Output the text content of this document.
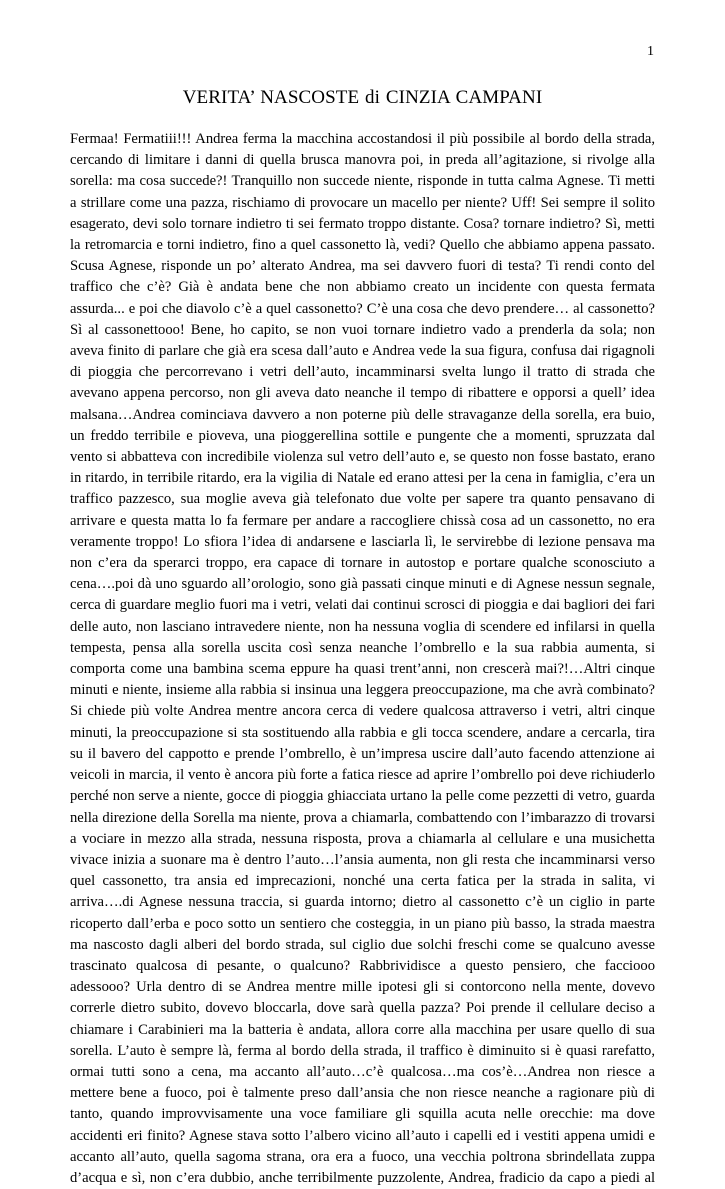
1
VERITA’ NASCOSTE di CINZIA CAMPANI
Fermaa! Fermatiii!!! Andrea ferma la macchina accostandosi il più possibile al bordo della strada,
cercando di limitare i danni di quella brusca manovra poi, in preda all’agitazione, si rivolge alla
sorella: ma cosa succede?! Tranquillo non succede niente, risponde in tutta calma Agnese. Ti metti
a strillare come una pazza, rischiamo di provocare un macello per niente? Uff! Sei sempre il solito
esagerato, devi solo tornare indietro ti sei fermato troppo distante. Cosa? tornare indietro? Sì, metti
la retromarcia e torni indietro, fino a quel cassonetto là, vedi? Quello che abbiamo appena passato.
Scusa Agnese, risponde un po’ alterato Andrea, ma sei davvero fuori di testa? Ti rendi conto del
traffico che c’è? Già è andata bene che non abbiamo creato un incidente con questa fermata
assurda... e poi che diavolo c’è a quel cassonetto? C’è una cosa che devo prendere… al cassonetto?
Sì al cassonettooo! Bene, ho capito, se non vuoi tornare indietro vado a prenderla da sola; non
aveva finito di parlare che già era scesa dall’auto e Andrea vede la sua figura, confusa dai rigagnoli
di pioggia che percorrevano i vetri dell’auto, incamminarsi svelta lungo il tratto di strada che
avevano appena percorso, non gli aveva dato neanche il tempo di ribattere e opporsi a quell’ idea
malsana…Andrea cominciava davvero a non poterne più delle stravaganze della sorella, era buio,
un freddo terribile e pioveva, una pioggerellina sottile e pungente che a momenti, spruzzata dal
vento si abbatteva con incredibile violenza sul vetro dell’auto e, se questo non fosse bastato, erano
in ritardo, in terribile ritardo, era la vigilia di Natale ed erano attesi per la cena in famiglia, c’era un
traffico pazzesco, sua moglie aveva già telefonato due volte per sapere tra quanto pensavano di
arrivare e questa matta lo fa fermare per andare a raccogliere chissà cosa ad un cassonetto, no era
veramente troppo! Lo sfiora l’idea di andarsene e lasciarla lì, le servirebbe di lezione pensava ma
non c’era da sperarci troppo, era capace di tornare in autostop e portare qualche sconosciuto a
cena….poi dà uno sguardo all’orologio, sono già passati cinque minuti e di Agnese nessun segnale,
cerca di guardare meglio fuori ma i vetri, velati dai continui scrosci di pioggia e dai bagliori dei fari
delle auto, non lasciano intravedere niente, non ha nessuna voglia di scendere ed infilarsi in quella
tempesta, pensa alla sorella uscita così senza neanche l’ombrello e la sua rabbia aumenta, si
comporta come una bambina scema eppure ha quasi trent’anni, non crescerà mai?!…Altri cinque
minuti e niente, insieme alla rabbia si insinua una leggera preoccupazione, ma che avrà combinato?
Si chiede più volte Andrea mentre ancora cerca di vedere qualcosa attraverso i vetri, altri cinque
minuti, la preoccupazione si sta sostituendo alla rabbia e gli tocca scendere, andare a cercarla, tira
su il bavero del cappotto e prende l’ombrello, è un’impresa uscire dall’auto facendo attenzione ai
veicoli in marcia, il vento è ancora più forte a fatica riesce ad aprire l’ombrello poi deve richiuderlo
perché non serve a niente, gocce di pioggia ghiacciata urtano la pelle come pezzetti di vetro, guarda
nella direzione della Sorella ma niente, prova a chiamarla, combattendo con l’imbarazzo di trovarsi
a vociare in mezzo alla strada, nessuna risposta, prova a chiamarla al cellulare e una musichetta
vivace inizia a suonare ma è dentro l’auto…l’ansia aumenta, non gli resta che incamminarsi verso
quel cassonetto, tra ansia ed imprecazioni, nonché una certa fatica per la strada in salita, vi
arriva….di Agnese nessuna traccia, si guarda intorno; dietro al cassonetto c’è un ciglio in parte
ricoperto dall’erba e poco sotto un sentiero che costeggia, in un piano più basso, la strada maestra
ma nascosto dagli alberi del bordo strada, sul ciglio due solchi freschi come se qualcuno avesse
trascinato qualcosa di pesante, o qualcuno? Rabbrividisce a questo pensiero, che facciooo
adessooo? Urla dentro di se Andrea mentre mille ipotesi gli si contorcono nella mente, dovevo
correrle dietro subito, dovevo bloccarla, dove sarà quella pazza? Poi prende il cellulare deciso a
chiamare i Carabinieri ma la batteria è andata, allora corre alla macchina per usare quello di sua
sorella. L’auto è sempre là, ferma al bordo della strada, il traffico è diminuito si è quasi rarefatto,
ormai tutti sono a cena, ma accanto all’auto…c’è qualcosa…ma cos’è…Andrea non riesce a
mettere bene a fuoco, poi è talmente preso dall’ansia che non riesce neanche a ragionare più di
tanto, quando improvvisamente una voce familiare gli squilla acuta nelle orecchie: ma dove
accidenti eri finito? Agnese stava sotto l’albero vicino all’auto i capelli ed i vestiti appena umidi e
accanto all’auto, quella sagoma strana, ora era a fuoco, una vecchia poltrona sbrindellata zuppa
d’acqua e sì, non c’era dubbio, anche terribilmente puzzolente, Andrea, fradicio da capo a piedi al
